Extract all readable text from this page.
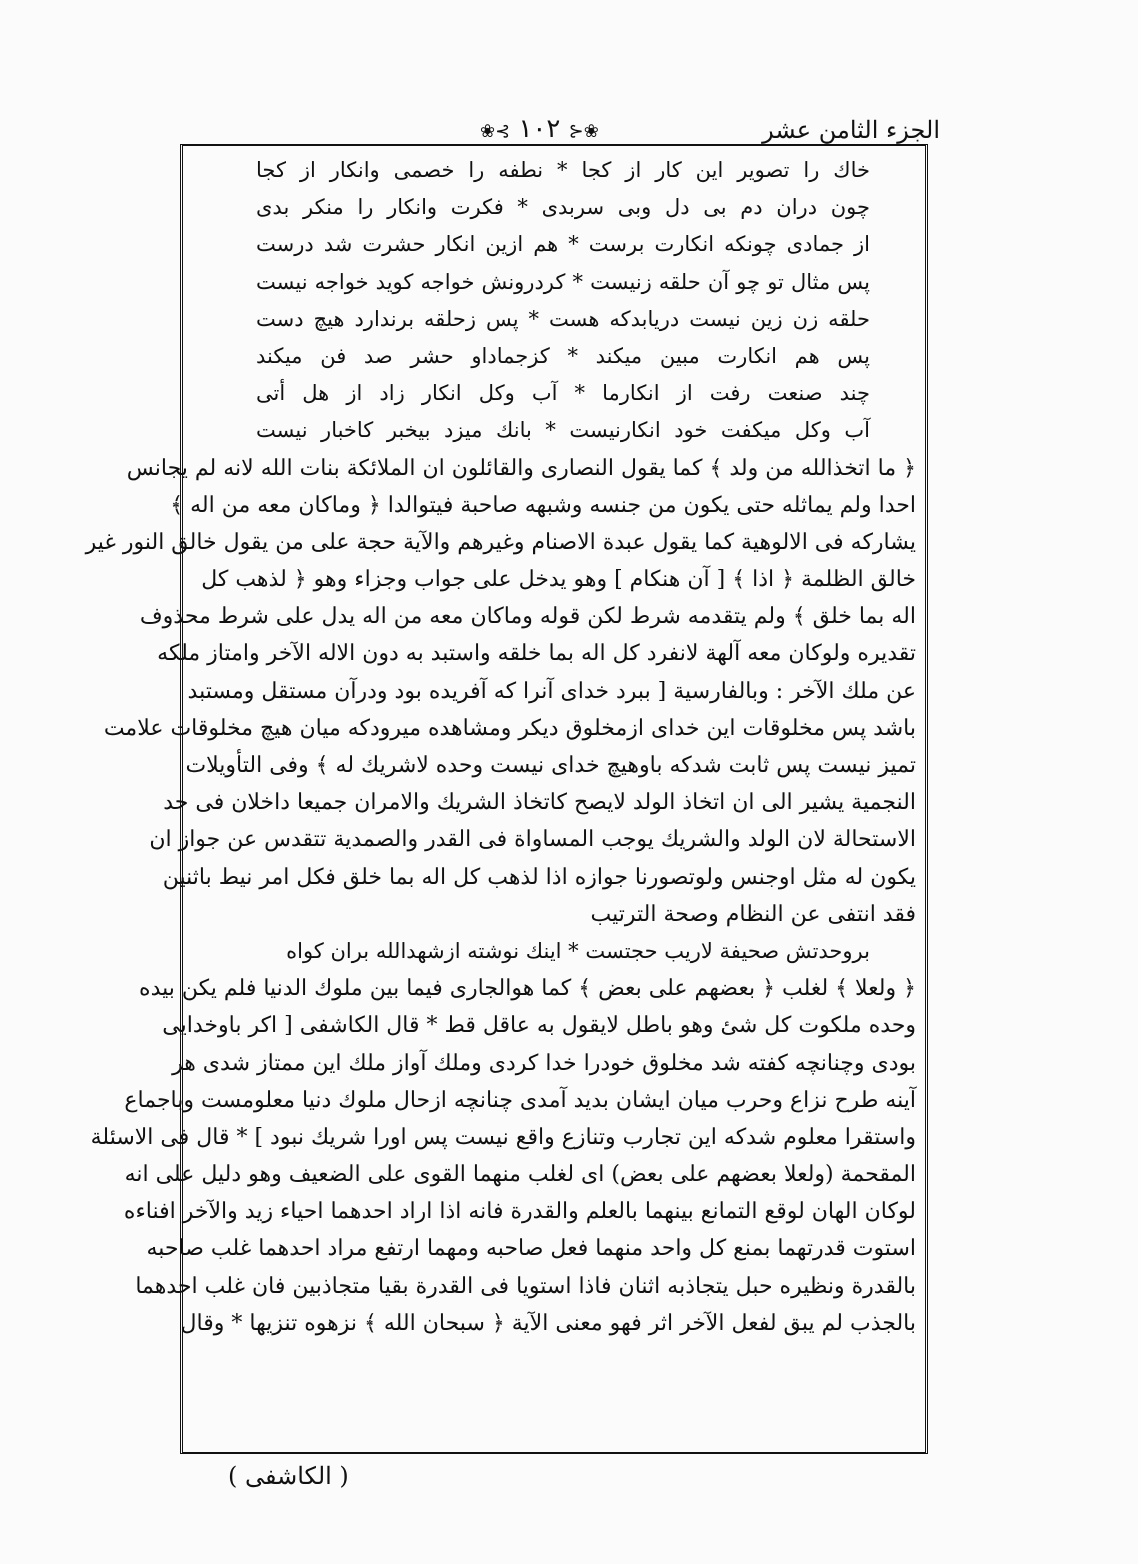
الجزء الثامن عشر
❀⊰ ١٠٢ ⊱❀
خاك را تصوير اين كار از كجا * نطفه را خصمى وانكار از كجا
چون دران دم بى دل وبى سربدى * فكرت وانكار را منكر بدى
از جمادى چونكه انكارت برست * هم ازين انكار حشرت شد درست
پس مثال تو چو آن حلقه زنيست * كردرونش خواجه كويد خواجه نيست
حلقه زن زين نيست دريابدكه هست * پس زحلقه برندارد هيچ دست
پس هم انكارت مبين ميكند * كزجماداو حشر صد فن ميكند
چند صنعت رفت از انكارما * آب وكل انكار زاد از هل أتى
آب وكل ميكفت خود انكارنيست * بانك ميزد بيخبر كاخبار نيست
﴿ ما اتخذالله من ولد ﴾ كما يقول النصارى والقائلون ان الملائكة بنات الله لانه لم يجانس
احدا ولم يماثله حتى يكون من جنسه وشبهه صاحبة فيتوالدا ﴿ وماكان معه من اله ﴾
يشاركه فى الالوهية كما يقول عبدة الاصنام وغيرهم والآية حجة على من يقول خالق النور غير
خالق الظلمة ﴿ اذا ﴾ [ آن هنكام ] وهو يدخل على جواب وجزاء وهو ﴿ لذهب كل
اله بما خلق ﴾ ولم يتقدمه شرط لكن قوله وماكان معه من اله يدل على شرط محذوف
تقديره ولوكان معه آلهة لانفرد كل اله بما خلقه واستبد به دون الاله الآخر وامتاز ملكه
عن ملك الآخر : وبالفارسية [ ببرد خداى آنرا كه آفريده بود ودرآن مستقل ومستبد
باشد پس مخلوقات اين خداى ازمخلوق ديكر ومشاهده ميرودكه ميان هيچ مخلوقات علامت
تميز نيست پس ثابت شدكه باوهيچ خداى نيست وحده لاشريك له ﴾ وفى التأويلات
النجمية يشير الى ان اتخاذ الولد لايصح كاتخاذ الشريك والامران جميعا داخلان فى حد
الاستحالة لان الولد والشريك يوجب المساواة فى القدر والصمدية تتقدس عن جواز ان
يكون له مثل اوجنس ولوتصورنا جوازه اذا لذهب كل اله بما خلق فكل امر نيط باثنين
فقد انتفى عن النظام وصحة الترتيب
بروحدتش صحيفة لاريب حجتست * اينك نوشته ازشهدالله بران كواه
﴿ ولعلا ﴾ لغلب ﴿ بعضهم على بعض ﴾ كما هوالجارى فيما بين ملوك الدنيا فلم يكن بيده
وحده ملكوت كل شئ وهو باطل لايقول به عاقل قط * قال الكاشفى [ اكر باوخدايى
بودى وچنانچه كفته شد مخلوق خودرا خدا كردى وملك آواز ملك اين ممتاز شدى هر
آينه طرح نزاع وحرب ميان ايشان بديد آمدى چنانچه ازحال ملوك دنيا معلومست وباجماع
واستقرا معلوم شدكه اين تجارب وتنازع واقع نيست پس اورا شريك نبود ] * قال فى الاسئلة
المقحمة (ولعلا بعضهم على بعض) اى لغلب منهما القوى على الضعيف وهو دليل على انه
لوكان الهان لوقع التمانع بينهما بالعلم والقدرة فانه اذا اراد احدهما احياء زيد والآخر افناءه
استوت قدرتهما بمنع كل واحد منهما فعل صاحبه ومهما ارتفع مراد احدهما غلب صاحبه
بالقدرة ونظيره حبل يتجاذبه اثنان فاذا استويا فى القدرة بقيا متجاذبين فان غلب احدهما
بالجذب لم يبق لفعل الآخر اثر فهو معنى الآية ﴿ سبحان الله ﴾ نزهوه تنزيها * وقال
( الكاشفى )
